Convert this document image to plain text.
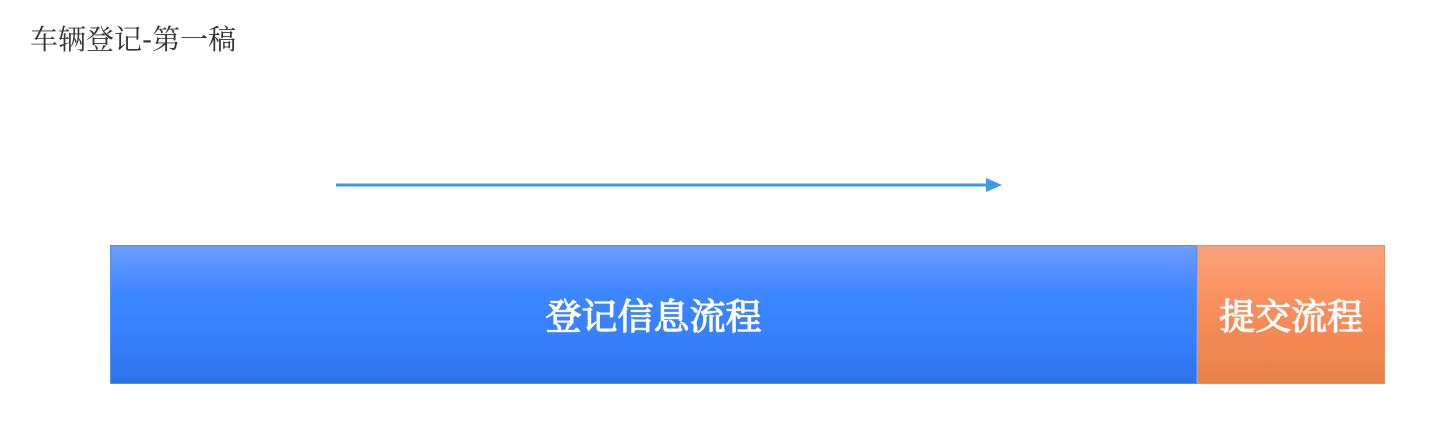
车辆登记-第一稿
登记信息流程	提交流程
